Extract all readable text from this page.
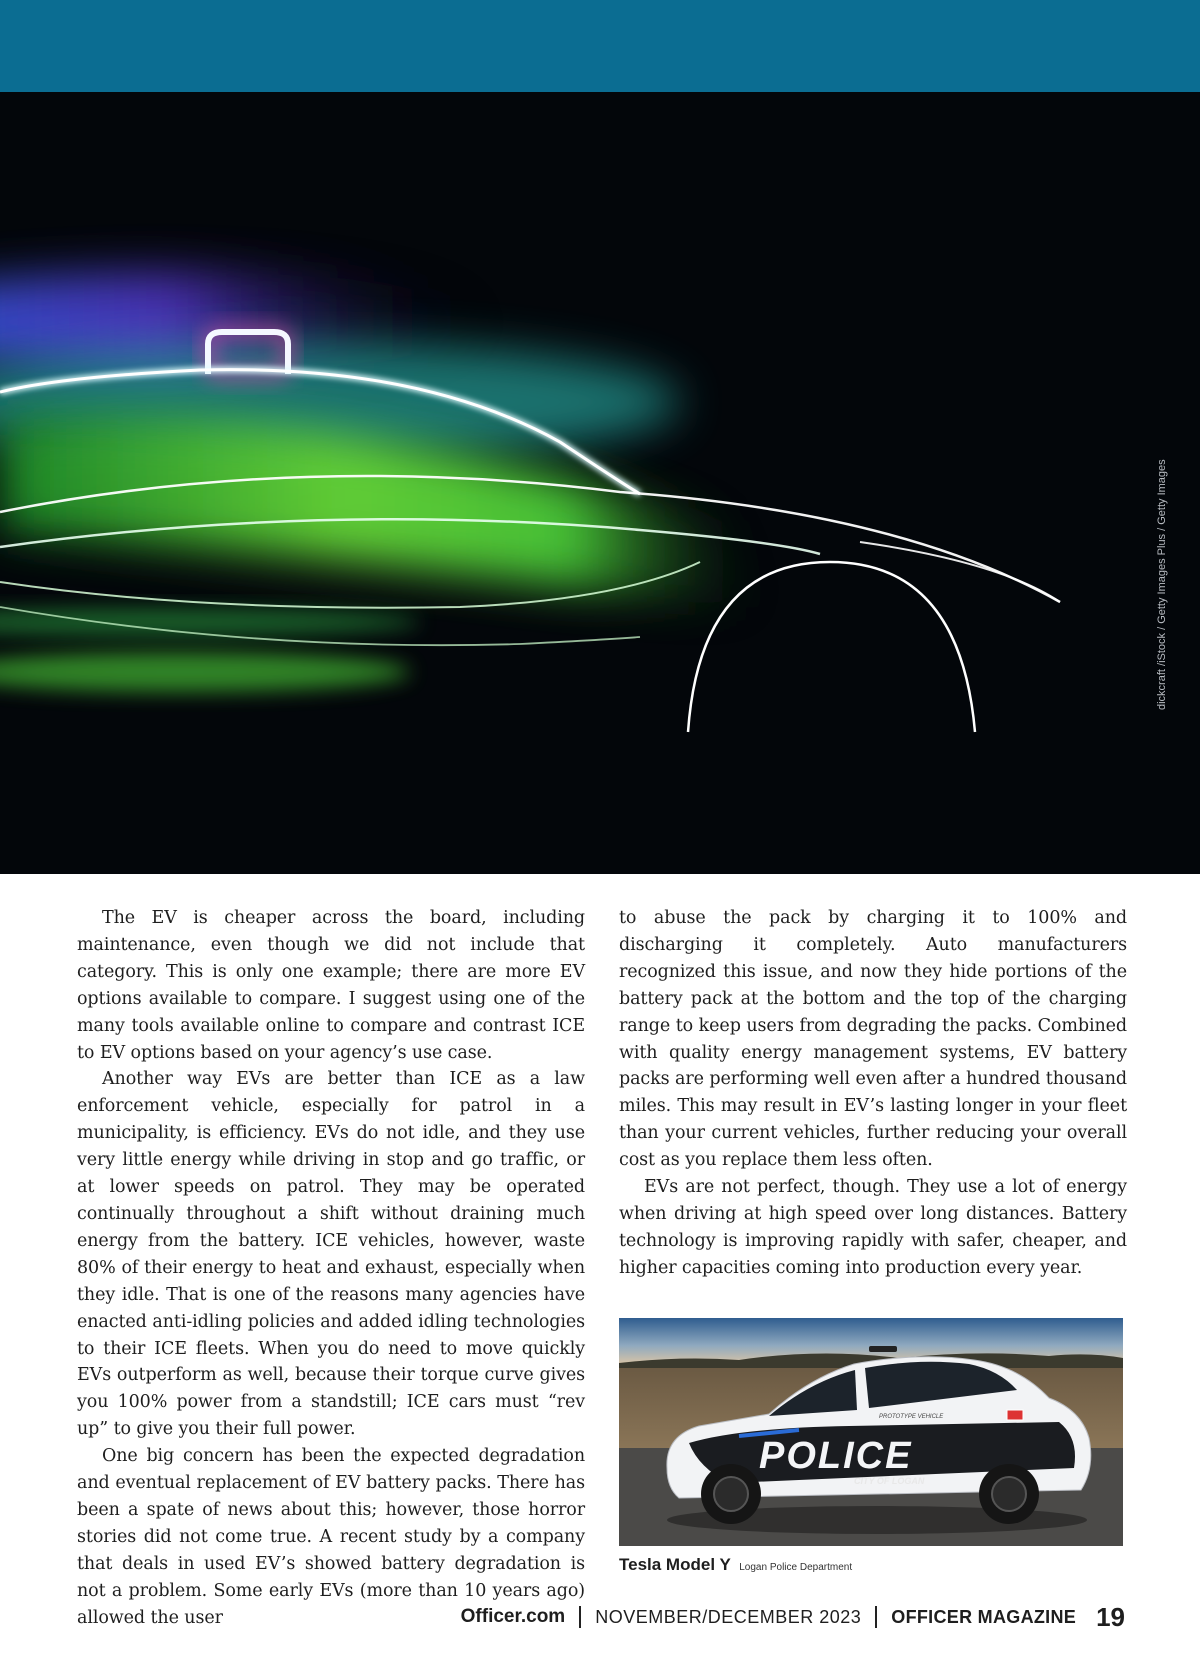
dickcraft /iStock / Getty Images Plus / Getty Images

The EV is cheaper across the board, including maintenance, even though we did not include that category. This is only one example; there are more EV options available to compare. I suggest using one of the many tools available online to compare and contrast ICE to EV options based on your agency’s use case.

Another way EVs are better than ICE as a law enforcement vehicle, especially for patrol in a municipality, is efficiency. EVs do not idle, and they use very little energy while driving in stop and go traffic, or at lower speeds on patrol. They may be operated continually throughout a shift without draining much energy from the battery. ICE vehicles, however, waste 80% of their energy to heat and exhaust, especially when they idle. That is one of the reasons many agencies have enacted anti-idling policies and added idling technologies to their ICE fleets. When you do need to move quickly EVs outperform as well, because their torque curve gives you 100% power from a standstill; ICE cars must “rev up” to give you their full power.

One big concern has been the expected degradation and eventual replacement of EV battery packs. There has been a spate of news about this; however, those horror stories did not come true. A recent study by a company that deals in used EV’s showed battery degradation is not a problem. Some early EVs (more than 10 years ago) allowed the user

to abuse the pack by charging it to 100% and discharging it completely. Auto manufacturers recognized this issue, and now they hide portions of the battery pack at the bottom and the top of the charging range to keep users from degrading the packs. Combined with quality energy management systems, EV battery packs are performing well even after a hundred thousand miles. This may result in EV’s lasting longer in your fleet than your current vehicles, further reducing your overall cost as you replace them less often.

EVs are not perfect, though. They use a lot of energy when driving at high speed over long distances. Battery technology is improving rapidly with safer, cheaper, and higher capacities coming into production every year.

POLICE
CITY OF LOGAN
PROTOTYPE VEHICLE
Tesla Model Y Logan Police Department
Officer.com NOVEMBER/DECEMBER 2023 OFFICER MAGAZINE 19
